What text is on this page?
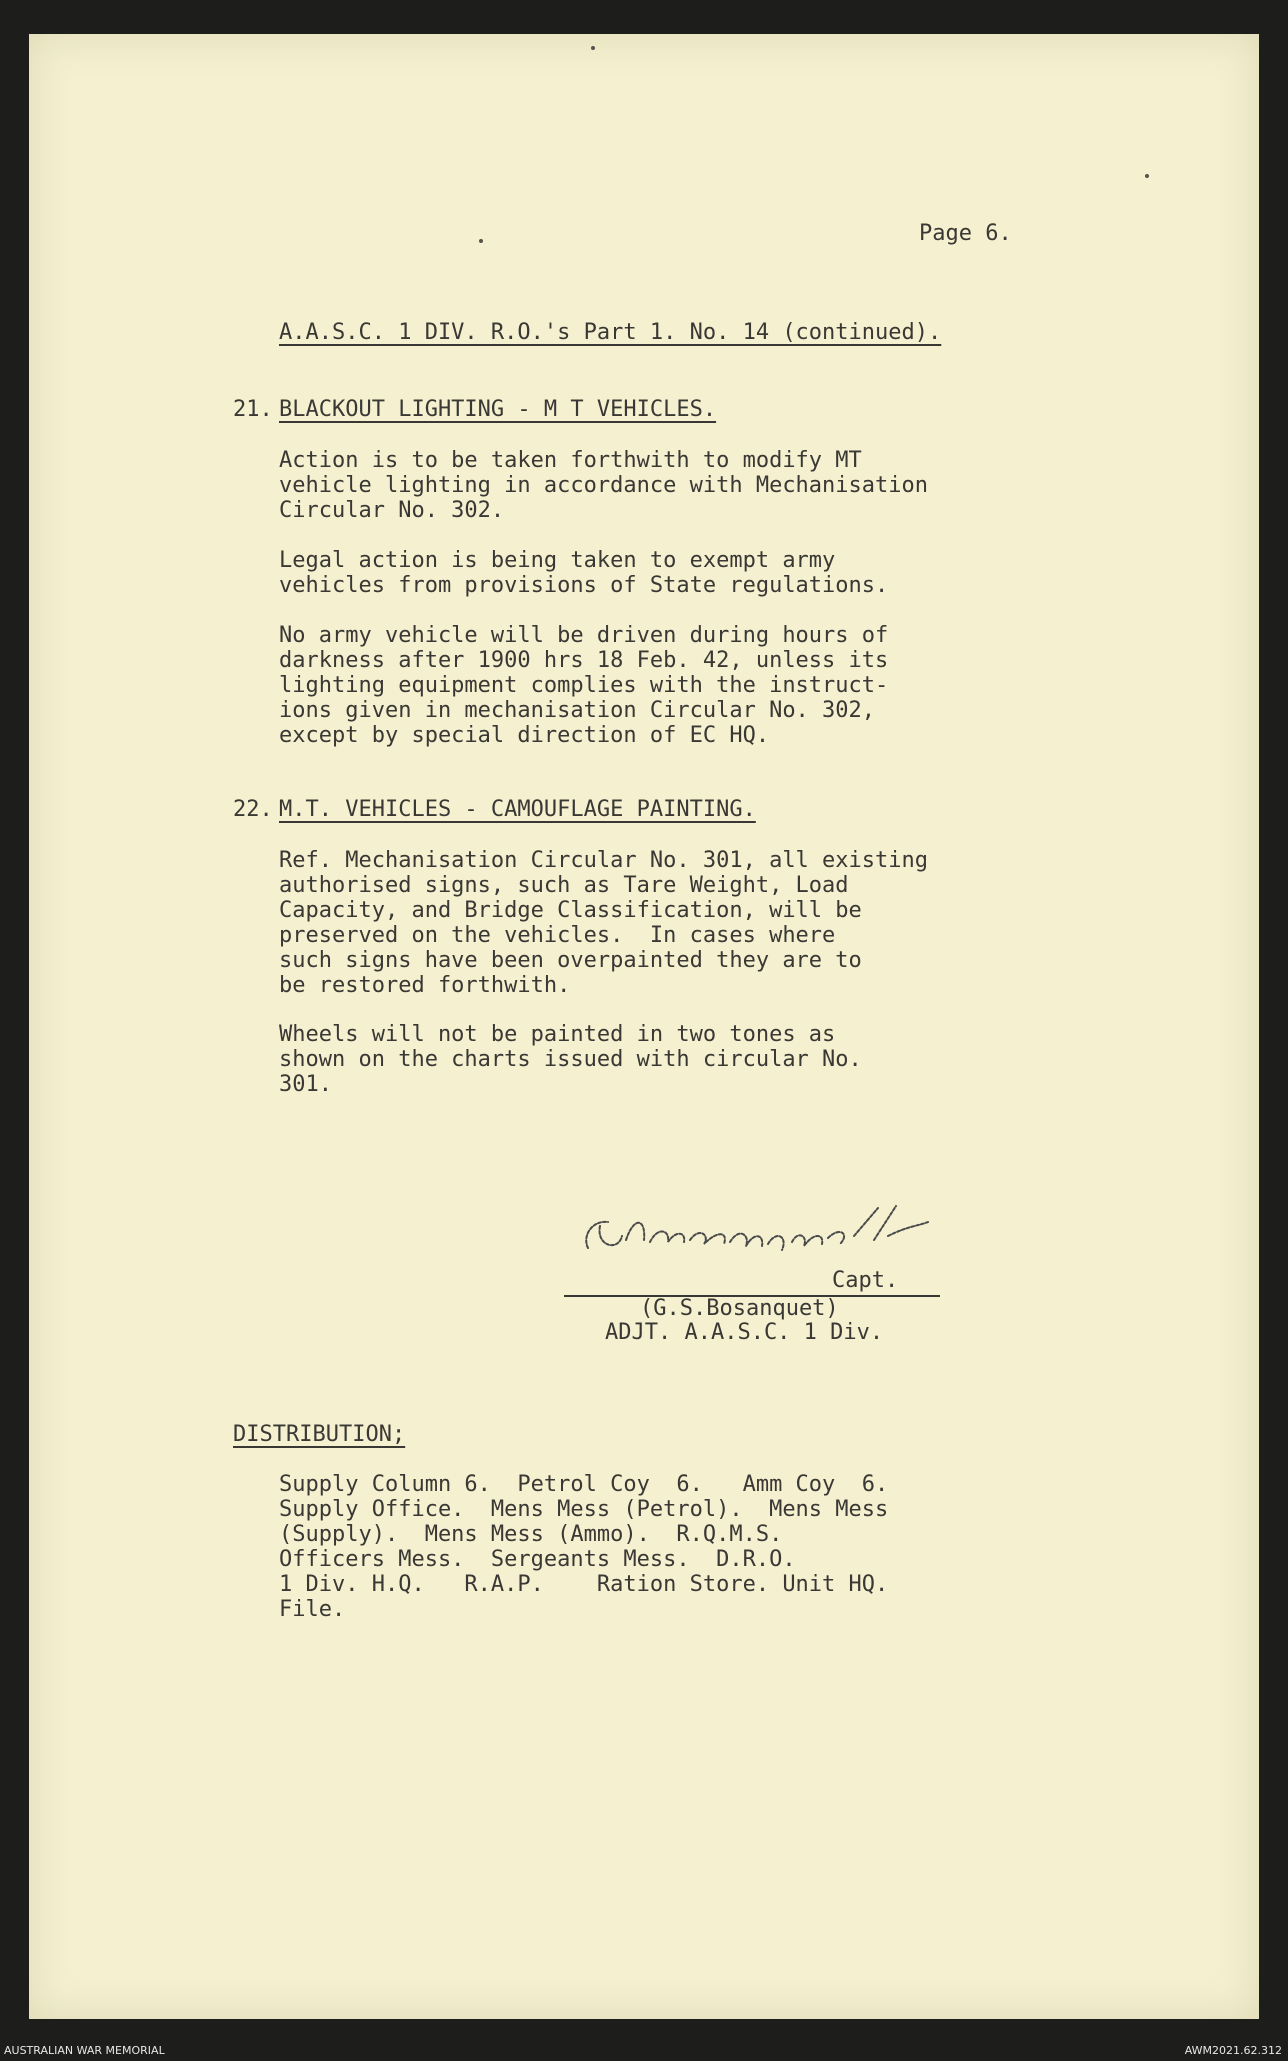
Page 6.
A.A.S.C. 1 DIV. R.O.'s Part 1. No. 14 (continued).
21. BLACKOUT LIGHTING - M T VEHICLES.
Action is to be taken forthwith to modify MT
vehicle lighting in accordance with Mechanisation
Circular No. 302.
Legal action is being taken to exempt army
vehicles from provisions of State regulations.
No army vehicle will be driven during hours of
darkness after 1900 hrs 18 Feb. 42, unless its
lighting equipment complies with the instruct-
ions given in mechanisation Circular No. 302,
except by special direction of EC HQ.
22. M.T. VEHICLES - CAMOUFLAGE PAINTING.
Ref. Mechanisation Circular No. 301, all existing
authorised signs, such as Tare Weight, Load
Capacity, and Bridge Classification, will be
preserved on the vehicles.  In cases where
such signs have been overpainted they are to
be restored forthwith.
Wheels will not be painted in two tones as
shown on the charts issued with circular No.
301.
Capt.
(G.S.Bosanquet)
ADJT. A.A.S.C. 1 Div.
DISTRIBUTION;
Supply Column 6.  Petrol Coy  6.   Amm Coy  6.
Supply Office.  Mens Mess (Petrol).  Mens Mess
(Supply).  Mens Mess (Ammo).  R.Q.M.S.
Officers Mess.  Sergeants Mess.  D.R.O.
1 Div. H.Q.   R.A.P.    Ration Store. Unit HQ.
File.
AUSTRALIAN WAR MEMORIAL	AWM2021.62.312
